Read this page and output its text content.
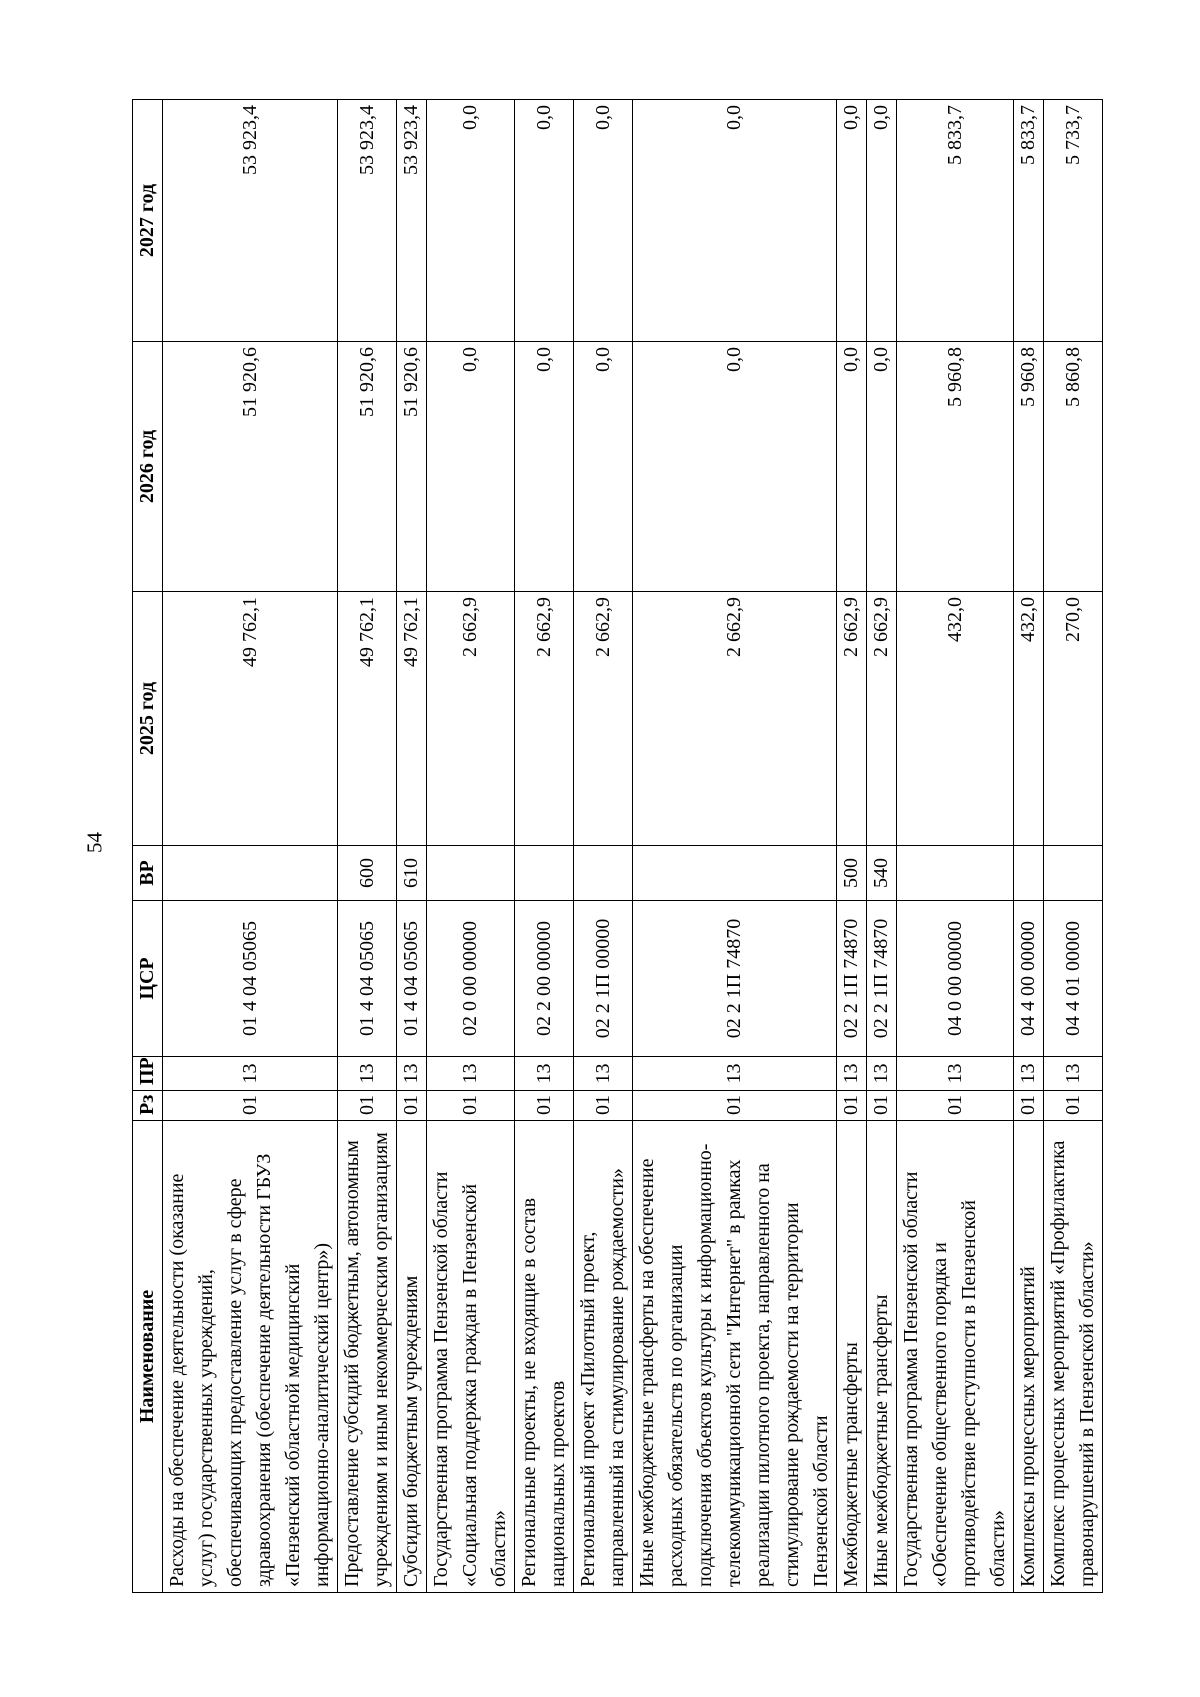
54
Наименование	Рз	ПР	ЦСР	ВР	2025 год	2026 год	2027 год
Расходы на обеспечение деятельности (оказание услуг) государственных учреждений, обеспечивающих предоставление услуг в сфере здравоохранения (обеспечение деятельности ГБУЗ «Пензенский областной медицинский информационно-аналитический центр»)	01	13	01 4 04 05065		49 762,1	51 920,6	53 923,4
Предоставление субсидий бюджетным, автономным учреждениям и иным некоммерческим организациям	01	13	01 4 04 05065	600	49 762,1	51 920,6	53 923,4
Субсидии бюджетным учреждениям	01	13	01 4 04 05065	610	49 762,1	51 920,6	53 923,4
Государственная программа Пензенской области «Социальная поддержка граждан в Пензенской области»	01	13	02 0 00 00000		2 662,9	0,0	0,0
Региональные проекты, не входящие в состав национальных проектов	01	13	02 2 00 00000		2 662,9	0,0	0,0
Региональный проект «Пилотный проект, направленный на стимулирование рождаемости»	01	13	02 2 1П 00000		2 662,9	0,0	0,0
Иные межбюджетные трансферты на обеспечение расходных обязательств по организации подключения объектов культуры к информационно-телекоммуникационной сети "Интернет" в рамках реализации пилотного проекта, направленного на стимулирование рождаемости на территории Пензенской области	01	13	02 2 1П 74870		2 662,9	0,0	0,0
Межбюджетные трансферты	01	13	02 2 1П 74870	500	2 662,9	0,0	0,0
Иные межбюджетные трансферты	01	13	02 2 1П 74870	540	2 662,9	0,0	0,0
Государственная программа Пензенской области «Обеспечение общественного порядка и противодействие преступности в Пензенской области»	01	13	04 0 00 00000		432,0	5 960,8	5 833,7
Комплексы процессных мероприятий	01	13	04 4 00 00000		432,0	5 960,8	5 833,7
Комплекс процессных мероприятий «Профилактика правонарушений в Пензенской области»	01	13	04 4 01 00000		270,0	5 860,8	5 733,7
